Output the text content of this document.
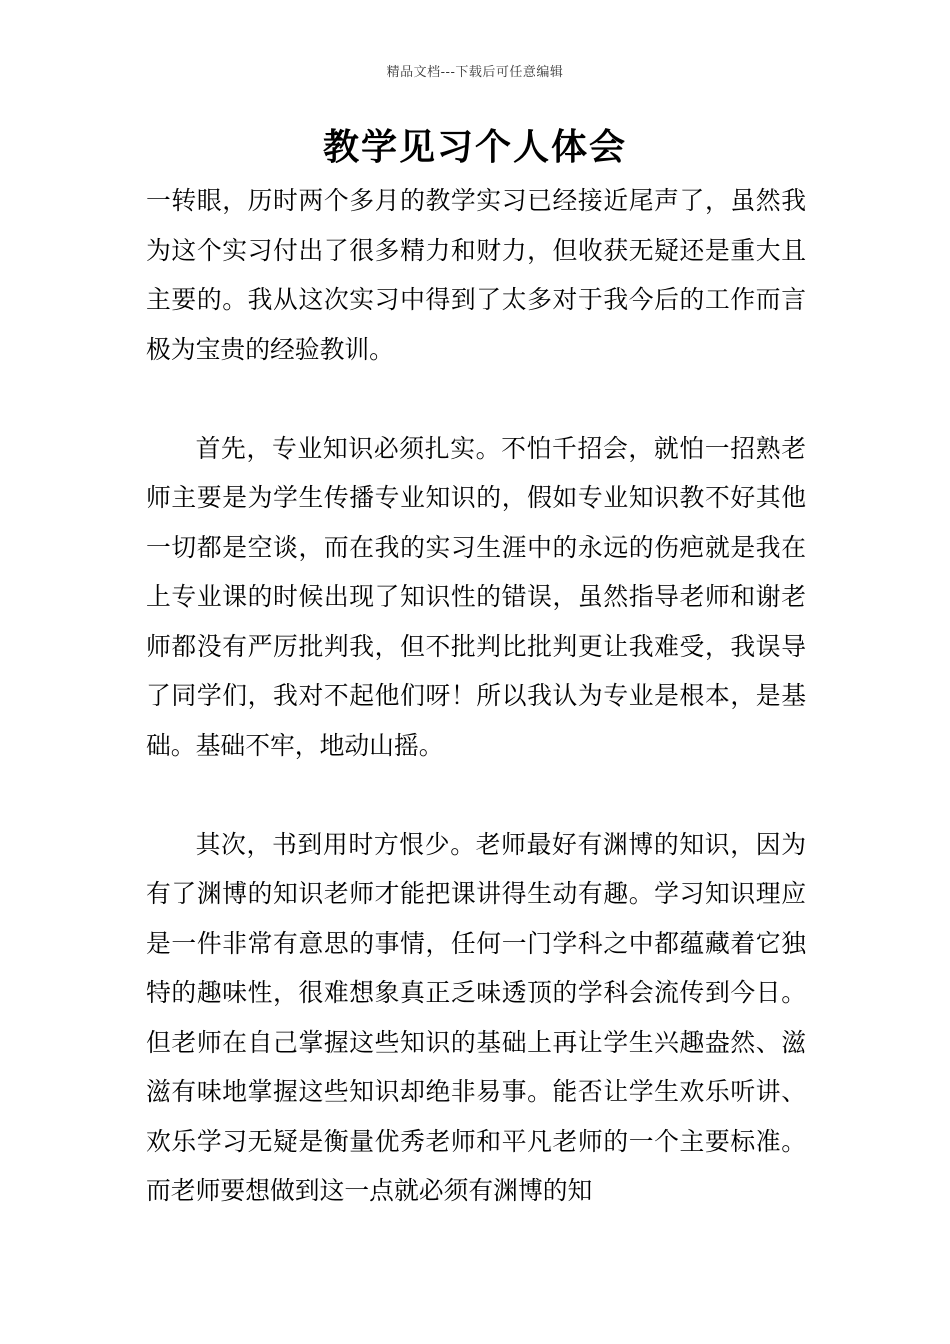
精品文档---下载后可任意编辑
教学见习个人体会

一转眼，历时两个多月的教学实习已经接近尾声了，虽然我为这个实习付出了很多精力和财力，但收获无疑还是重大且主要的。我从这次实习中得到了太多对于我今后的工作而言极为宝贵的经验教训。

首先，专业知识必须扎实。不怕千招会，就怕一招熟老师主要是为学生传播专业知识的，假如专业知识教不好其他一切都是空谈，而在我的实习生涯中的永远的伤疤就是我在上专业课的时候出现了知识性的错误，虽然指导老师和谢老师都没有严厉批判我，但不批判比批判更让我难受，我误导了同学们，我对不起他们呀！所以我认为专业是根本，是基础。基础不牢，地动山摇。

其次，书到用时方恨少。老师最好有渊博的知识，因为有了渊博的知识老师才能把课讲得生动有趣。学习知识理应是一件非常有意思的事情，任何一门学科之中都蕴藏着它独特的趣味性，很难想象真正乏味透顶的学科会流传到今日。但老师在自己掌握这些知识的基础上再让学生兴趣盎然、滋滋有味地掌握这些知识却绝非易事。能否让学生欢乐听讲、欢乐学习无疑是衡量优秀老师和平凡老师的一个主要标准。而老师要想做到这一点就必须有渊博的知
